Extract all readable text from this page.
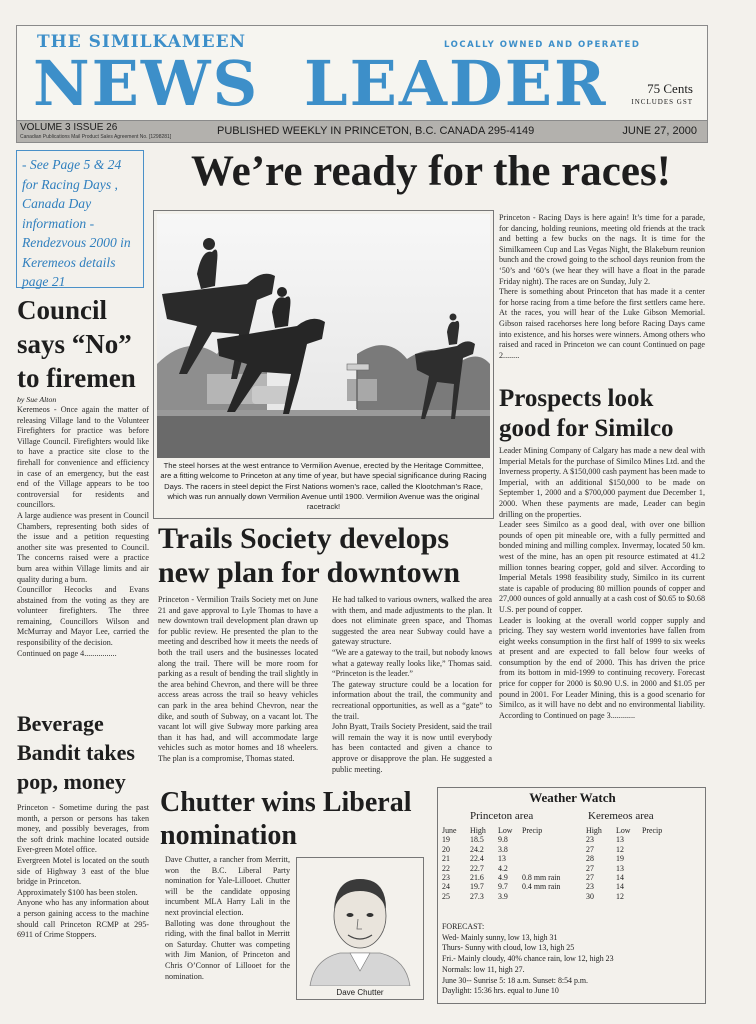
THE SIMILKAMEEN	LOCALLY OWNED AND OPERATED
NEWS LEADER	75 Cents
INCLUDES GST
VOLUME 3 ISSUE 26
Canadian Publications Mail Product Sales Agreement No. [1298281]	PUBLISHED WEEKLY IN PRINCETON, B.C. CANADA 295-4149	JUNE 27, 2000
- See Page 5 & 24 for Racing Days , Canada Day information - Rendezvous 2000 in Keremeos details page 21
We’re ready for the races!
The steel horses at the west entrance to Vermilion Avenue, erected by the Heritage Committee, are a fitting welcome to Princeton at any time of year, but have special significance during Racing Days. The racers in steel depict the First Nations women’s race, called the Klootchman’s Race, which was run annually down Vermilion Avenue until 1900. Vermilion Avenue was the original racetrack!

Princeton - Racing Days is here again! It’s time for a parade, for dancing, holding reunions, meeting old friends at the track and betting a few bucks on the nags. It is time for the Similkameen Cup and Las Vegas Night, the Blakeburn reunion bunch and the crowd going to the school days reunion from the ‘50’s and ‘60’s (we hear they will have a float in the parade Friday night). The races are on Sunday, July 2.

There is something about Princeton that has made it a center for horse racing from a time before the first settlers came here. At the races, you will hear of the Luke Gibson Memorial. Gibson raised racehorses here long before Racing Days came into existence, and his horses were winners. Among others who raised and raced in Princeton we can count Continued on page 2........

Council says “No” to firemen
by Sue Alton

Keremeos - Once again the matter of releasing Village land to the Volunteer Firefighters for practice was before Village Council. Firefighters would like to have a practice site close to the firehall for convenience and efficiency in case of an emergency, but the east end of the Village appears to be too controversial for residents and councillors.

A large audience was present in Council Chambers, representing both sides of the issue and a petition requesting another site was presented to Council. The concerns raised were a practice burn area within Village limits and air quality during a burn.

Councillor Hecocks and Evans abstained from the voting as they are volunteer firefighters. The three remaining, Councillors Wilson and McMurray and Mayor Lee, carried the responsibility of the decision.

Continued on page 4................

Beverage Bandit takes pop, money

Princeton - Sometime during the past month, a person or persons has taken money, and possibly beverages, from the soft drink machine located outside Ever-green Motel office.

Evergreen Motel is located on the south side of Highway 3 east of the blue bridge in Princeton.

Approximately $100 has been stolen.

Anyone who has any information about a person gaining access to the machine should call Princeton RCMP at 295-6911 of Crime Stoppers.

Trails Society develops new plan for downtown

Princeton - Vermilion Trails Society met on June 21 and gave approval to Lyle Thomas to have a new downtown trail development plan drawn up for public review. He presented the plan to the meeting and described how it meets the needs of both the trail users and the businesses located along the trail. There will be more room for parking as a result of bending the trail slightly in the area behind Chevron, and there will be three access areas across the trail so heavy vehicles can park in the area behind Chevron, near the dike, and south of Subway, on a vacant lot. The vacant lot will give Subway more parking area than it has had, and will accommodate large vehicles such as motor homes and 18 wheelers. The plan is a compromise, Thomas stated.

He had talked to various owners, walked the area with them, and made adjustments to the plan. It does not eliminate green space, and Thomas suggested the area near Subway could have a gateway structure.

“We are a gateway to the trail, but nobody knows what a gateway really looks like,” Thomas said. “Princeton is the leader.”

The gateway structure could be a location for information about the trail, the community and recreational opportunities, as well as a “gate” to the trail.

John Byatt, Trails Society President, said the trail will remain the way it is now until everybody has been contacted and given a chance to approve or disapprove the plan. He suggested a public meeting.

Prospects look good for Similco

Leader Mining Company of Calgary has made a new deal with Imperial Metals for the purchase of Similco Mines Ltd. and the Inverness property. A $150,000 cash payment has been made to Imperial, with an additional $150,000 to be made on September 1, 2000 and a $700,000 payment due December 1, 2000. When these payments are made, Leader can begin drilling on the properties.

Leader sees Similco as a good deal, with over one billion pounds of open pit mineable ore, with a fully permitted and bonded mining and milling complex. Invermay, located 50 km. west of the mine, has an open pit resource estimated at 41.2 million tonnes bearing copper, gold and silver. According to Imperial Metals 1998 feasibility study, Similco in its current state is capable of producing 80 million pounds of copper and 27,000 ounces of gold annually at a cash cost of $0.65 to $0.68 U.S. per pound of copper.

Leader is looking at the overall world copper supply and pricing. They say western world inventories have fallen from eight weeks consumption in the first half of 1999 to six weeks at present and are expected to fall below four weeks of consumption by the end of 2000. This has driven the price from its bottom in mid-1999 to continuing recovery. Forecast price for copper for 2000 is $0.90 U.S. in 2000 and $1.05 per pound in 2001. For Leader Mining, this is a good scenario for Similco, as it will have no debt and no environmental liability. According to Continued on page 3............

Chutter wins Liberal nomination

Dave Chutter, a rancher from Merritt, won the B.C. Liberal Party nomination for Yale-Lillooet. Chutter will be the candidate opposing incumbent MLA Harry Lali in the next provincial election.

Balloting was done throughout the riding, with the final ballot in Merritt on Saturday. Chutter was competing with Jim Manion, of Princeton and Chris O’Connor of Lillooet for the nomination.

Dave Chutter
Weather Watch
Princeton area	Keremeos area
June	High	Low	Precip	High	Low	Precip
19	18.5	9.8		23	13	
20	24.2	3.8		27	12	
21	22.4	13		28	19	
22	22.7	4.2		27	13	
23	21.6	4.9	0.8 mm rain	27	14	
24	19.7	9.7	0.4 mm rain	23	14	
25	27.3	3.9		30	12	
FORECAST:
Wed- Mainly sunny, low 13, high 31
Thurs- Sunny with cloud, low 13, high 25
Fri.- Mainly cloudy, 40% chance rain, low 12, high 23
Normals: low 11, high 27.
June 30-- Sunrise 5: 18 a.m. Sunset: 8:54 p.m.
Daylight: 15:36 hrs. equal to June 10
